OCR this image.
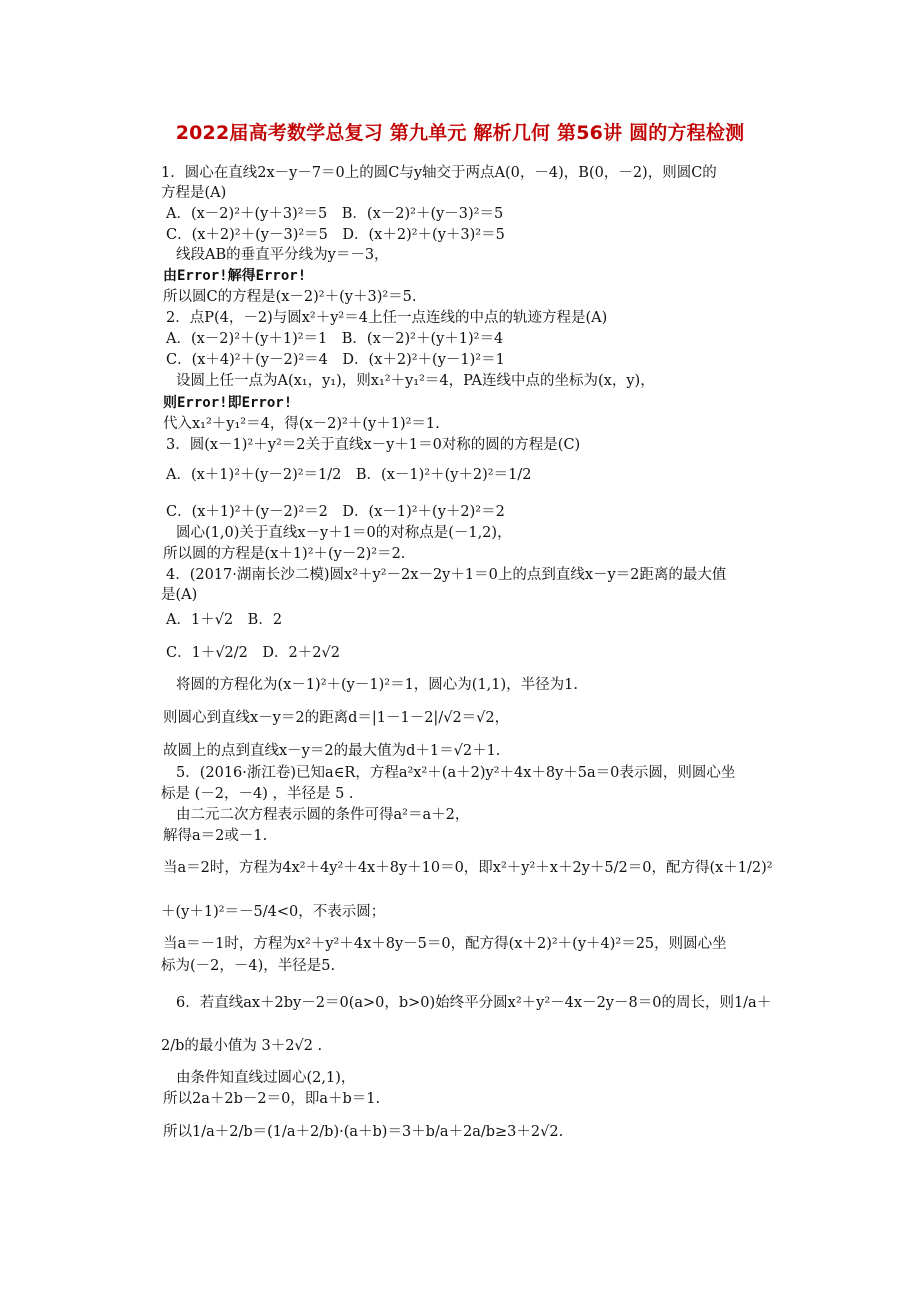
2022届高考数学总复习 第九单元 解析几何 第56讲 圆的方程检测
1．圆心在直线2x－y－7＝0上的圆C与y轴交于两点A(0，－4)，B(0，－2)，则圆C的
方程是(A)
A．(x－2)²＋(y＋3)²＝5　B．(x－2)²＋(y－3)²＝5
C．(x＋2)²＋(y－3)²＝5　D．(x＋2)²＋(y＋3)²＝5
线段AB的垂直平分线为y＝－3，
由Error!解得Error!
所以圆C的方程是(x－2)²＋(y＋3)²＝5.
2．点P(4，－2)与圆x²＋y²＝4上任一点连线的中点的轨迹方程是(A)
A．(x－2)²＋(y＋1)²＝1　B．(x－2)²＋(y＋1)²＝4
C．(x＋4)²＋(y－2)²＝4　D．(x＋2)²＋(y－1)²＝1
设圆上任一点为A(x₁，y₁)，则x₁²＋y₁²＝4，PA连线中点的坐标为(x，y)，
则Error!即Error!
代入x₁²＋y₁²＝4，得(x－2)²＋(y＋1)²＝1.
3．圆(x－1)²＋y²＝2关于直线x－y＋1＝0对称的圆的方程是(C)
A．(x＋1)²＋(y－2)²＝1/2　B．(x－1)²＋(y＋2)²＝1/2
C．(x＋1)²＋(y－2)²＝2　D．(x－1)²＋(y＋2)²＝2
圆心(1,0)关于直线x－y＋1＝0的对称点是(－1,2)，
所以圆的方程是(x＋1)²＋(y－2)²＝2.
4．(2017·湖南长沙二模)圆x²＋y²－2x－2y＋1＝0上的点到直线x－y＝2距离的最大值
是(A)
A．1＋√2　B．2
C．1＋√2/2　D．2＋2√2
将圆的方程化为(x－1)²＋(y－1)²＝1，圆心为(1,1)，半径为1.
则圆心到直线x－y＝2的距离d＝|1－1－2|/√2＝√2，
故圆上的点到直线x－y＝2的最大值为d＋1＝√2＋1.
5．(2016·浙江卷)已知a∈R，方程a²x²＋(a＋2)y²＋4x＋8y＋5a＝0表示圆，则圆心坐
标是 (－2，－4) ，半径是 5 .
由二元二次方程表示圆的条件可得a²＝a＋2，
解得a＝2或－1.
当a＝2时，方程为4x²＋4y²＋4x＋8y＋10＝0，即x²＋y²＋x＋2y＋5/2＝0，配方得(x＋1/2)²
＋(y＋1)²＝－5/4<0，不表示圆；
当a＝－1时，方程为x²＋y²＋4x＋8y－5＝0，配方得(x＋2)²＋(y＋4)²＝25，则圆心坐
标为(－2，－4)，半径是5.
6．若直线ax＋2by－2＝0(a>0，b>0)始终平分圆x²＋y²－4x－2y－8＝0的周长，则1/a＋
2/b的最小值为 3＋2√2 .
由条件知直线过圆心(2,1)，
所以2a＋2b－2＝0，即a＋b＝1.
所以1/a＋2/b＝(1/a＋2/b)·(a＋b)＝3＋b/a＋2a/b≥3＋2√2.
